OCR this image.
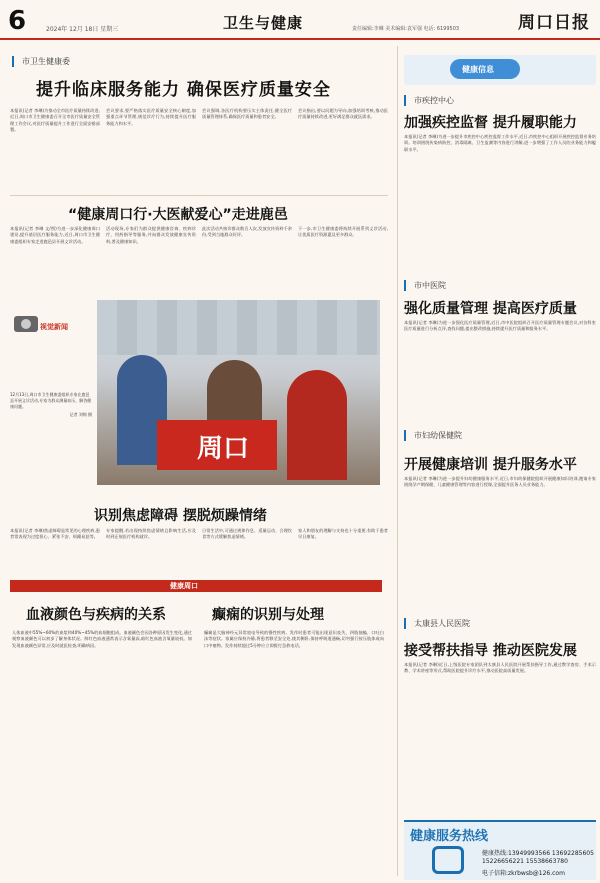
6	2024年 12月 18日 星期三	卫生与健康	责任编辑:李琳 美术编辑:袁军强 电话: 6199503	周口日报
市卫生健康委
提升临床服务能力 确保医疗质量安全
本报讯(记者 李琳)为推动全市医疗质量持续改进,近日,周口市卫生健康委召开全市医疗质量安全管理工作会议,对医疗质量提升工作进行全面安排部署。
会议要求,要严格落实医疗质量安全核心制度,加强重点环节管理,规范诊疗行为,持续提升医疗服务能力和水平。
会议强调,各医疗机构要压实主体责任,健全医疗质量管理体系,确保医疗质量和患者安全。
会议指出,要以问题为导向,加强培训考核,推动医疗质量持续改进,更好满足群众就医需求。
“健康周口行·大医献爱心”走进鹿邑
本报讯(记者 李琳 文/图)为进一步深化健康周口建设,提升基层医疗服务能力,近日,周口市卫生健康委组织专家走进鹿邑县开展义诊活动。
活动现场,专家们为群众提供健康咨询、疾病诊疗、用药指导等服务,并向群众发放健康宣传资料,普及健康知识。
此次活动共接诊群众数百人次,发放宣传资料千余份,受到当地群众好评。
下一步,市卫生健康委将持续开展系列义诊活动,让优质医疗资源惠及更多群众。
视觉新闻
12月13日,周口市卫生健康委组织专家在鹿邑县开展义诊活动,专家为群众测量血压、解答健康问题。
记者 刘锦 摄
周口
识别焦虑障碍 摆脱烦躁情绪
本报讯(记者 李琳)焦虑障碍是常见的心理疾病,患者常表现为过度担心、紧张不安、烦躁易怒等。
专家提醒,若出现持续焦虑情绪且影响生活,应及时到正规医疗机构就诊。
日常生活中,可通过规律作息、适量运动、合理饮食等方式缓解焦虑情绪。
家人和朋友的理解与支持也十分重要,有助于患者早日康复。
健康周口
血液颜色与疾病的关系	癫痫的识别与处理
人体血液中55%~60%的血浆和40%~45%的血细胞组成。血液颜色会因各种原因发生变化,通过观察血液颜色可以初步了解身体状况。鲜红色血液通常表示含氧量高,暗红色血液含氧量较低。如发现血液颜色异常,应及时就医检查,明确病因。
癫痫是大脑神经元异常放电导致的慢性疾病。发作时患者可能出现意识丧失、四肢抽搐、口吐白沫等症状。家属应保持冷静,将患者移至安全处,使其侧卧,保持呼吸道通畅,切勿强行按压肢体或向口中塞物。发作持续超过5分钟应立即拨打急救电话。
健康信息
市疾控中心
加强疾控监督 提升履职能力
本报讯(记者 李琳)为进一步提升市疾控中心疾控监督工作水平,近日,市疾控中心组织开展疾控监督业务培训。培训围绕传染病防控、消毒隔离、卫生监测等内容进行讲解,进一步增强了工作人员的业务能力和履职水平。
市中医院
强化质量管理 提高医疗质量
本报讯(记者 李琳)为进一步强化医疗质量管理,近日,市中医院组织召开医疗质量管理专题会议,对各科室医疗质量进行分析点评,查找问题,提出整改措施,持续提升医疗质量和服务水平。
市妇幼保健院
开展健康培训 提升服务水平
本报讯(记者 李琳)为进一步提升妇幼健康服务水平,近日,市妇幼保健院组织开展健康知识培训,邀请专家围绕孕产期保健、儿童健康管理等内容进行授课,全面提升医务人员业务能力。
太康县人民医院
接受帮扶指导 推动医院发展
本报讯(记者 李琳)近日,上级医院专家团队到太康县人民医院开展帮扶指导工作,通过教学查房、手术示教、学术讲座等形式,帮助医院提升诊疗水平,推动医院高质量发展。
健康服务热线
健康热线:13949993566 13692285605
15226656221 15538663780
电子信箱:zkrbwsb@126.com
